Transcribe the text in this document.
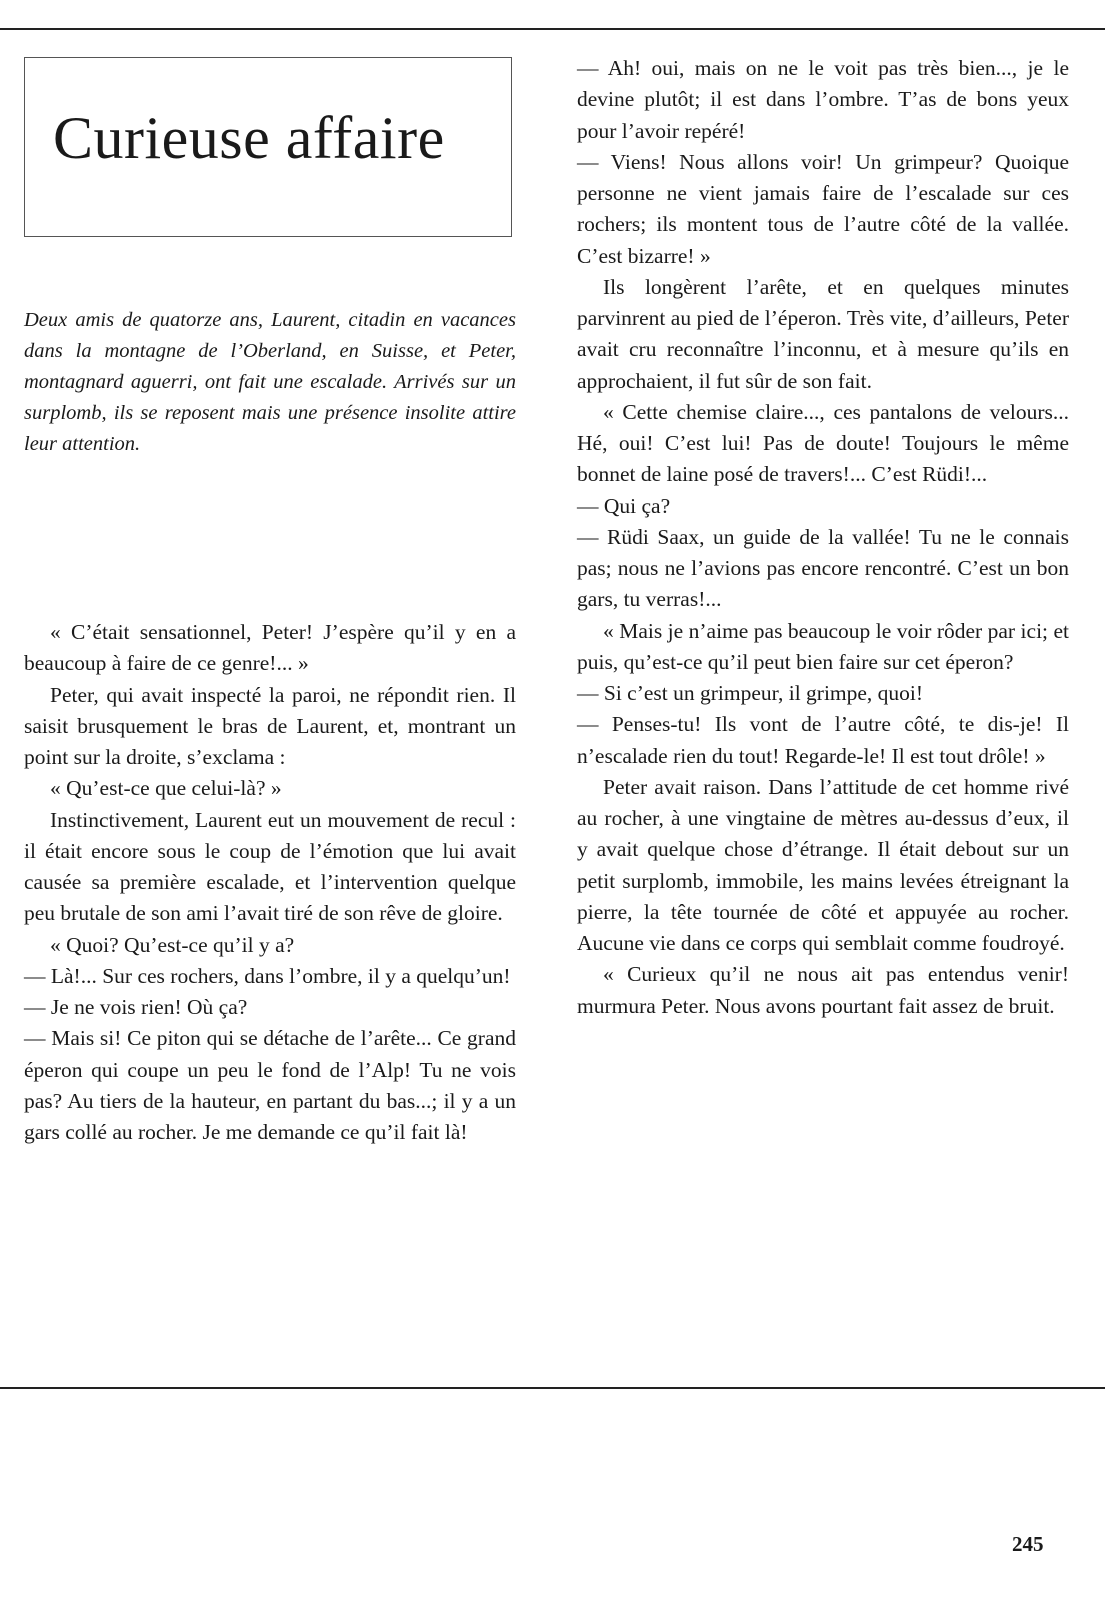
Curieuse affaire
Deux amis de quatorze ans, Laurent, citadin en vacances dans la montagne de l’Oberland, en Suisse, et Peter, montagnard aguerri, ont fait une escalade. Arrivés sur un surplomb, ils se reposent mais une présence insolite attire leur attention.

« C’était sensationnel, Peter! J’espère qu’il y en a beaucoup à faire de ce genre!... »

Peter, qui avait inspecté la paroi, ne répondit rien. Il saisit brusquement le bras de Laurent, et, montrant un point sur la droite, s’exclama :

« Qu’est-ce que celui-là? »

Instinctivement, Laurent eut un mouvement de recul : il était encore sous le coup de l’émotion que lui avait causée sa première escalade, et l’intervention quelque peu brutale de son ami l’avait tiré de son rêve de gloire.

« Quoi? Qu’est-ce qu’il y a?

— Là!... Sur ces rochers, dans l’ombre, il y a quelqu’un!

— Je ne vois rien! Où ça?

— Mais si! Ce piton qui se détache de l’arête... Ce grand éperon qui coupe un peu le fond de l’Alp! Tu ne vois pas? Au tiers de la hauteur, en partant du bas...; il y a un gars collé au rocher. Je me demande ce qu’il fait là!

— Ah! oui, mais on ne le voit pas très bien..., je le devine plutôt; il est dans l’ombre. T’as de bons yeux pour l’avoir repéré!

— Viens! Nous allons voir! Un grimpeur? Quoique personne ne vient jamais faire de l’escalade sur ces rochers; ils montent tous de l’autre côté de la vallée. C’est bizarre! »

Ils longèrent l’arête, et en quelques minutes parvinrent au pied de l’éperon. Très vite, d’ailleurs, Peter avait cru reconnaître l’inconnu, et à mesure qu’ils en approchaient, il fut sûr de son fait.

« Cette chemise claire..., ces pantalons de velours... Hé, oui! C’est lui! Pas de doute! Toujours le même bonnet de laine posé de travers!... C’est Rüdi!...

— Qui ça?

— Rüdi Saax, un guide de la vallée! Tu ne le connais pas; nous ne l’avions pas encore rencontré. C’est un bon gars, tu verras!...

« Mais je n’aime pas beaucoup le voir rôder par ici; et puis, qu’est-ce qu’il peut bien faire sur cet éperon?

— Si c’est un grimpeur, il grimpe, quoi!

— Penses-tu! Ils vont de l’autre côté, te dis-je! Il n’escalade rien du tout! Regarde-le! Il est tout drôle! »

Peter avait raison. Dans l’attitude de cet homme rivé au rocher, à une vingtaine de mètres au-dessus d’eux, il y avait quelque chose d’étrange. Il était debout sur un petit surplomb, immobile, les mains levées étreignant la pierre, la tête tournée de côté et appuyée au rocher. Aucune vie dans ce corps qui semblait comme foudroyé.

« Curieux qu’il ne nous ait pas entendus venir! murmura Peter. Nous avons pourtant fait assez de bruit.

245
